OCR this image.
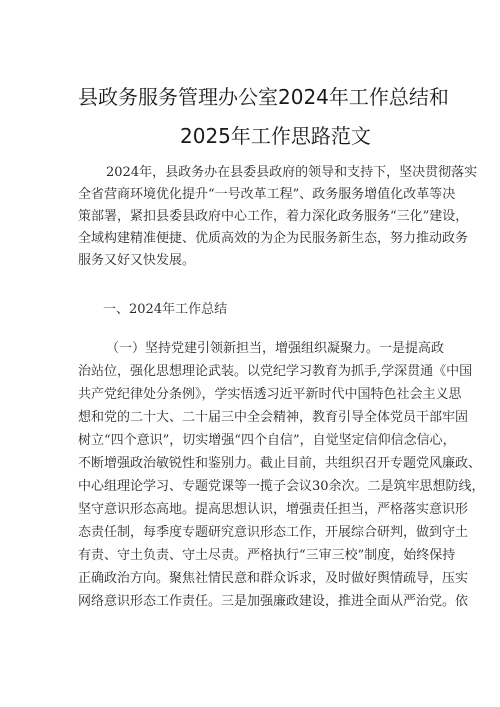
县政务服务管理办公室2024年工作总结和
2025年工作思路范文
2024年，县政务办在县委县政府的领导和支持下，坚决贯彻落实
全省营商环境优化提升“一号改革工程”、政务服务增值化改革等决
策部署，紧扣县委县政府中心工作，着力深化政务服务“三化”建设，
全域构建精准便捷、优质高效的为企为民服务新生态，努力推动政务
服务又好又快发展。
一、2024年工作总结
（一）坚持党建引领新担当，增强组织凝聚力。一是提高政
治站位，强化思想理论武装。以党纪学习教育为抓手,学深贯通《中国
共产党纪律处分条例》，学实悟透习近平新时代中国特色社会主义思
想和党的二十大、二十届三中全会精神，教育引导全体党员干部牢固
树立“四个意识”，切实增强“四个自信”，自觉坚定信仰信念信心，
不断增强政治敏锐性和鉴别力。截止目前，共组织召开专题党风廉政、
中心组理论学习、专题党课等一揽子会议30余次。二是筑牢思想防线，
坚守意识形态高地。提高思想认识，增强责任担当，严格落实意识形
态责任制，每季度专题研究意识形态工作，开展综合研判，做到守土
有责、守土负责、守土尽责。严格执行“三审三校”制度，始终保持
正确政治方向。聚焦社情民意和群众诉求，及时做好舆情疏导，压实
网络意识形态工作责任。三是加强廉政建设，推进全面从严治党。依
